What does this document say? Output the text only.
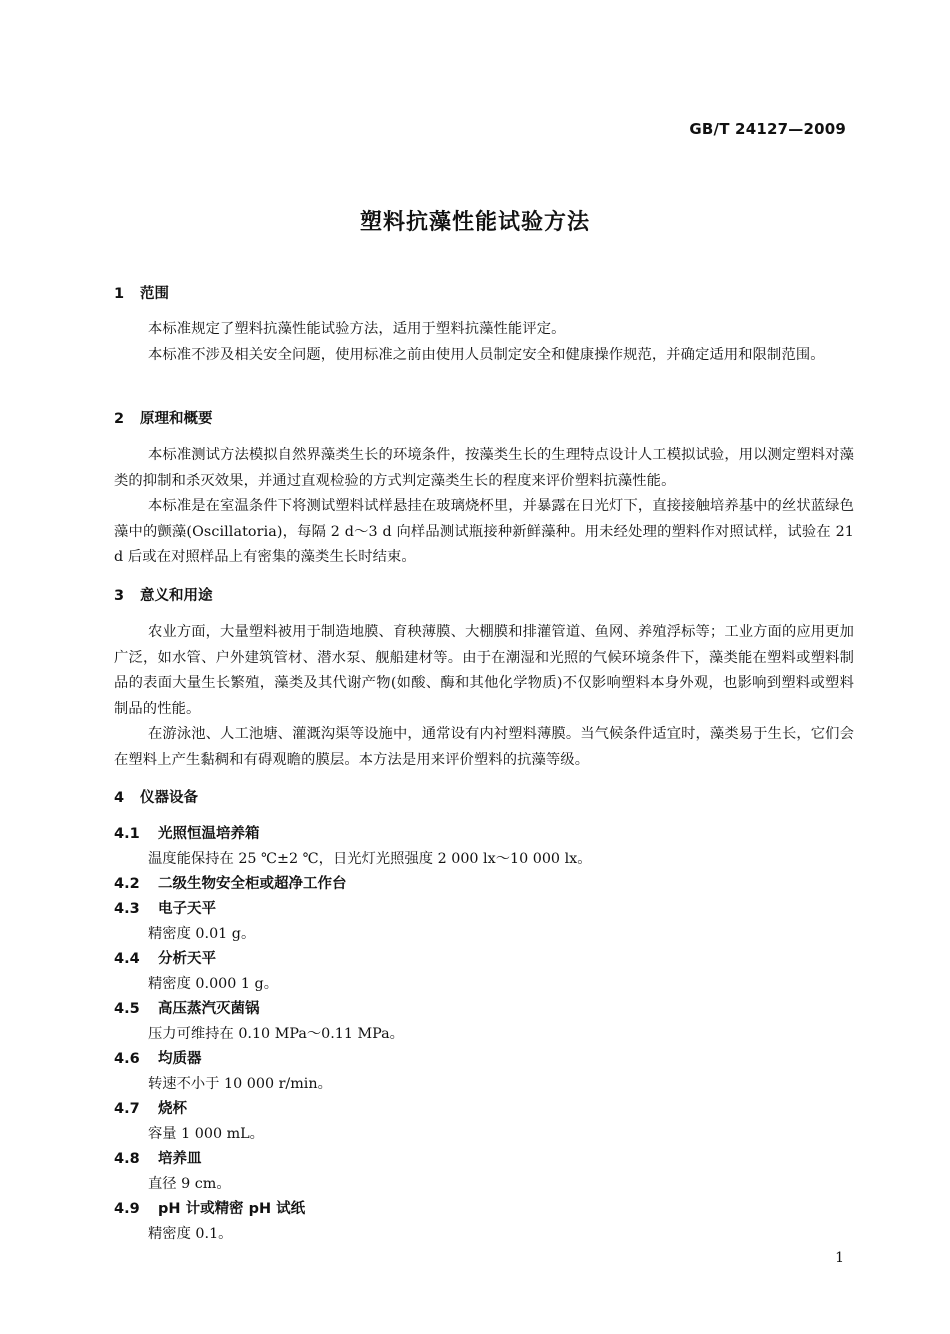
GB/T 24127—2009
塑料抗藻性能试验方法
1 范围
本标准规定了塑料抗藻性能试验方法，适用于塑料抗藻性能评定。
本标准不涉及相关安全问题，使用标准之前由使用人员制定安全和健康操作规范，并确定适用和限制范围。
2 原理和概要
本标准测试方法模拟自然界藻类生长的环境条件，按藻类生长的生理特点设计人工模拟试验，用以测定塑料对藻类的抑制和杀灭效果，并通过直观检验的方式判定藻类生长的程度来评价塑料抗藻性能。
本标准是在室温条件下将测试塑料试样悬挂在玻璃烧杯里，并暴露在日光灯下，直接接触培养基中的丝状蓝绿色藻中的颤藻(Oscillatoria)，每隔 2 d～3 d 向样品测试瓶接种新鲜藻种。用未经处理的塑料作对照试样，试验在 21 d 后或在对照样品上有密集的藻类生长时结束。
3 意义和用途
农业方面，大量塑料被用于制造地膜、育秧薄膜、大棚膜和排灌管道、鱼网、养殖浮标等；工业方面的应用更加广泛，如水管、户外建筑管材、潜水泵、舰船建材等。由于在潮湿和光照的气候环境条件下，藻类能在塑料或塑料制品的表面大量生长繁殖，藻类及其代谢产物(如酸、酶和其他化学物质)不仅影响塑料本身外观，也影响到塑料或塑料制品的性能。
在游泳池、人工池塘、灌溉沟渠等设施中，通常设有内衬塑料薄膜。当气候条件适宜时，藻类易于生长，它们会在塑料上产生黏稠和有碍观瞻的膜层。本方法是用来评价塑料的抗藻等级。
4 仪器设备
4.1 光照恒温培养箱
温度能保持在 25 ℃±2 ℃，日光灯光照强度 2 000 lx～10 000 lx。
4.2 二级生物安全柜或超净工作台
4.3 电子天平
精密度 0.01 g。
4.4 分析天平
精密度 0.000 1 g。
4.5 高压蒸汽灭菌锅
压力可维持在 0.10 MPa～0.11 MPa。
4.6 均质器
转速不小于 10 000 r/min。
4.7 烧杯
容量 1 000 mL。
4.8 培养皿
直径 9 cm。
4.9 pH 计或精密 pH 试纸
精密度 0.1。
1
